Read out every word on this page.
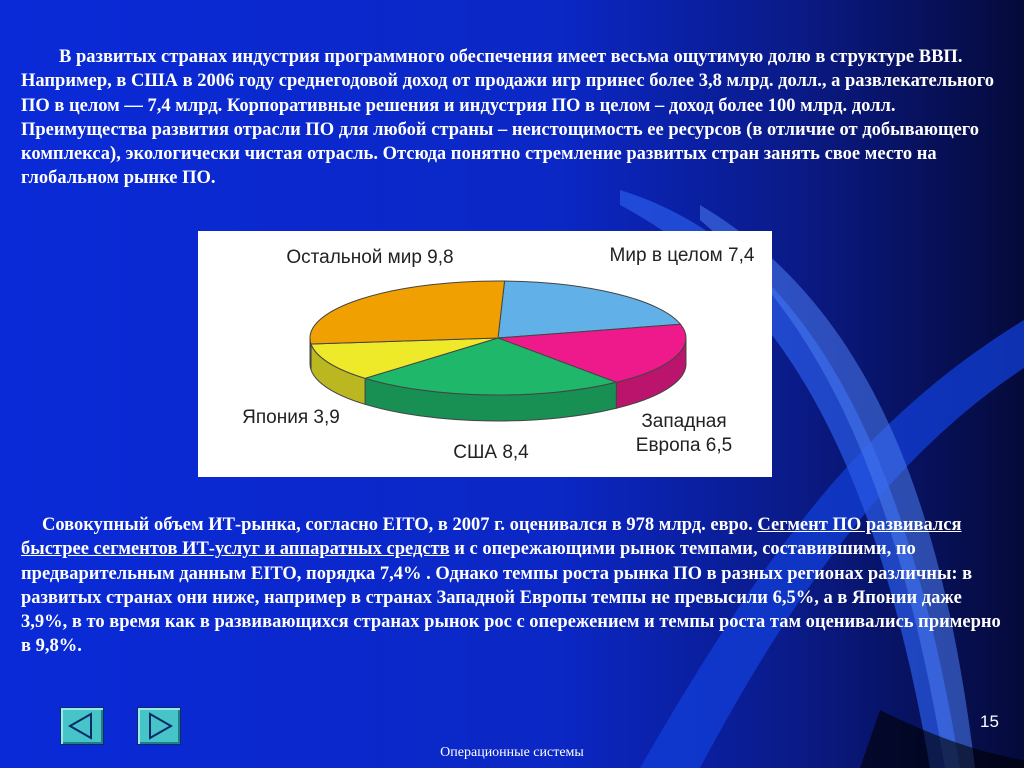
В развитых странах индустрия программного обеспечения имеет весьма ощутимую долю в структуре ВВП. Например, в США в 2006 году среднегодовой доход от продажи игр принес более 3,8 млрд. долл., а развлекательного ПО в целом — 7,4 млрд. Корпоративные решения и индустрия ПО в целом – доход более 100 млрд. долл. Преимущества развития отрасли ПО для любой страны – неистощимость ее ресурсов (в отличие от добывающего комплекса), экологически чистая отрасль. Отсюда понятно стремление развитых стран занять свое место на глобальном рынке ПО.

Мир в целом 7,4
Западная
Европа 6,5
США 8,4
Япония 3,9
Остальной мир 9,8

Совокупный объем ИТ-рынка, согласно EITO, в 2007 г. оценивался в 978 млрд. евро. Сегмент ПО развивался быстрее сегментов ИТ-услуг и аппаратных средств и с опережающими рынок темпами, составившими, по предварительным данным EITO, порядка 7,4% . Однако темпы роста рынка ПО в разных регионах различны: в развитых странах они ниже, например в странах Западной Европы темпы не превысили 6,5%, а в Японии даже 3,9%, в то время как в развивающихся странах рынок рос с опережением и темпы роста там оценивались примерно в 9,8%.

15
Операционные системы
